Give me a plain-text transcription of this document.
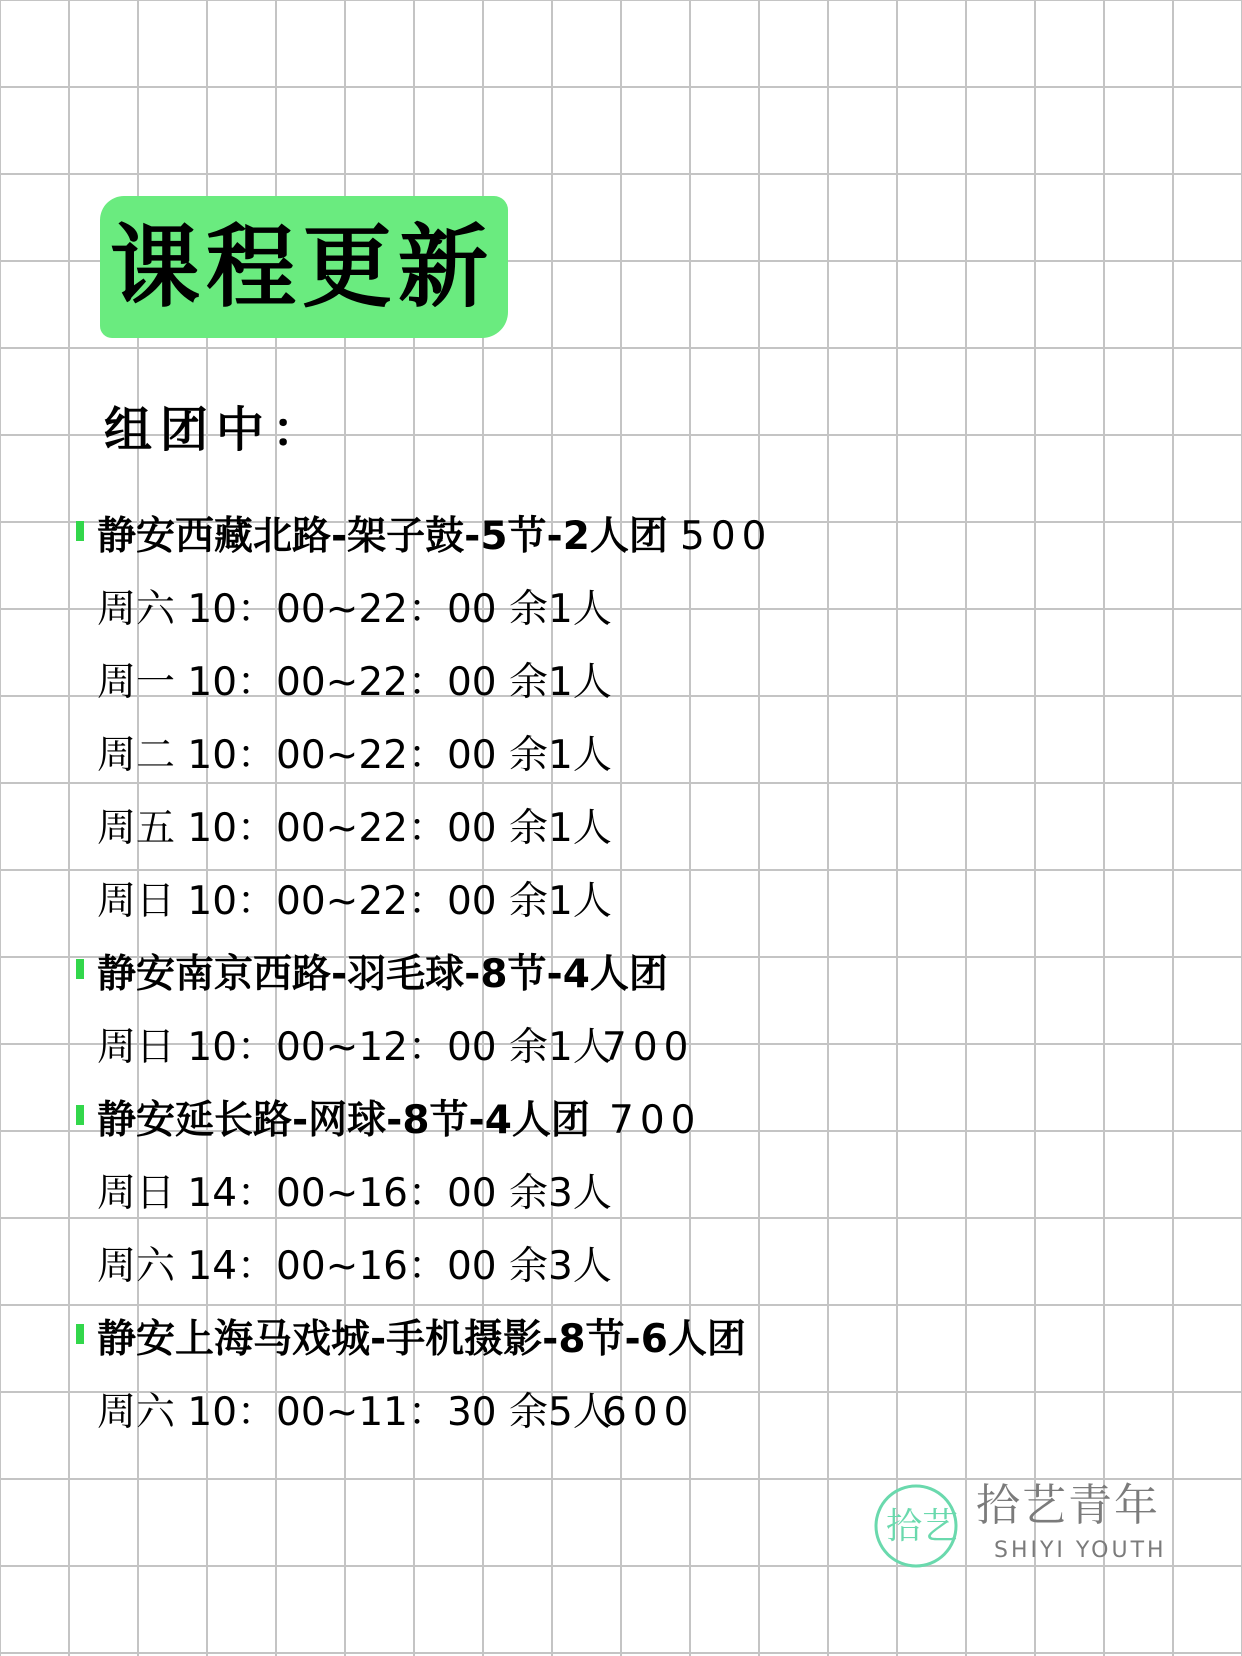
课程更新
组团中：
静安西藏北路-架子鼓-5节-2人团 500
周六 10：00~22：00 余1人
周一 10：00~22：00 余1人
周二 10：00~22：00 余1人
周五 10：00~22：00 余1人
周日 10：00~22：00 余1人
静安南京西路-羽毛球-8节-4人团
周日 10：00~12：00 余1人
700
静安延长路-网球-8节-4人团 700
周日 14：00~16：00 余3人
周六 14：00~16：00 余3人
静安上海马戏城-手机摄影-8节-6人团
周六 10：00~11：30 余5人
600
拾艺 拾艺青年
SHIYI YOUTH
